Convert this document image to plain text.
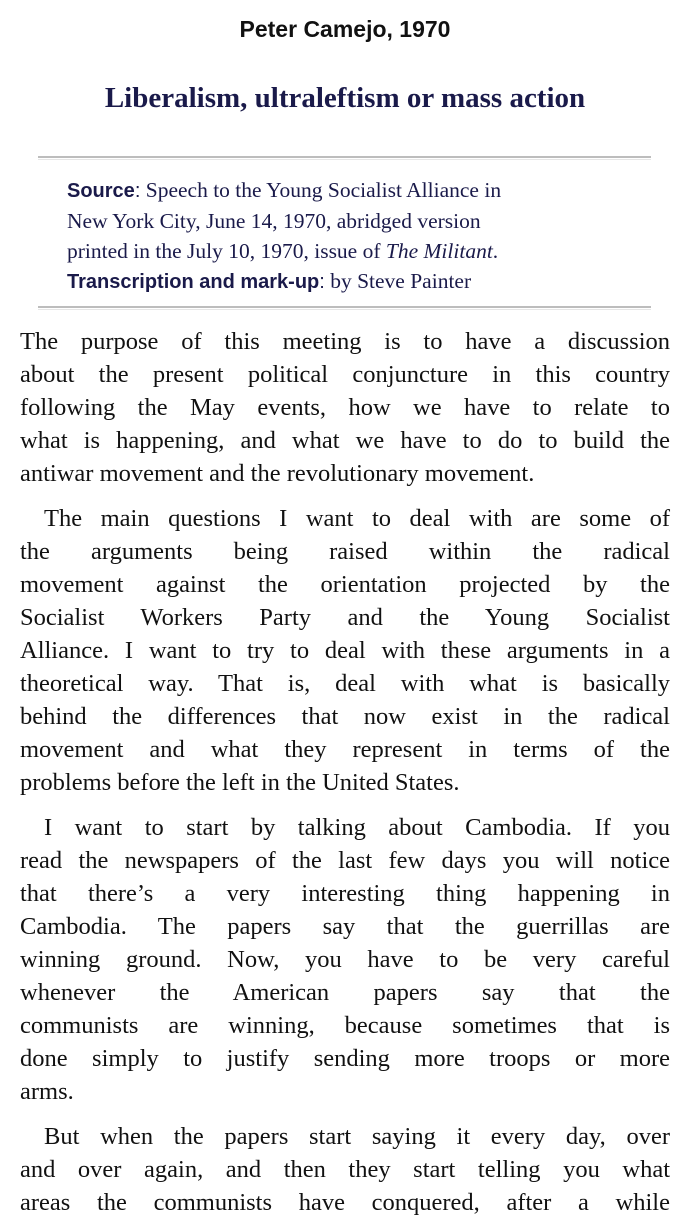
Peter Camejo, 1970
Liberalism, ultraleftism or mass action
Source: Speech to the Young Socialist Alliance in
New York City, June 14, 1970, abridged version
printed in the July 10, 1970, issue of The Militant.
Transcription and mark-up: by Steve Painter

The purpose of this meeting is to have a discussion
about the present political conjuncture in this country
following the May events, how we have to relate to
what is happening, and what we have to do to build the
antiwar movement and the revolutionary movement.

The main questions I want to deal with are some of
the arguments being raised within the radical
movement against the orientation projected by the
Socialist Workers Party and the Young Socialist
Alliance. I want to try to deal with these arguments in a
theoretical way. That is, deal with what is basically
behind the differences that now exist in the radical
movement and what they represent in terms of the
problems before the left in the United States.

I want to start by talking about Cambodia. If you
read the newspapers of the last few days you will notice
that there’s a very interesting thing happening in
Cambodia. The papers say that the guerrillas are
winning ground. Now, you have to be very careful
whenever the American papers say that the
communists are winning, because sometimes that is
done simply to justify sending more troops or more
arms.

But when the papers start saying it every day, over
and over again, and then they start telling you what
areas the communists have conquered, after a while
